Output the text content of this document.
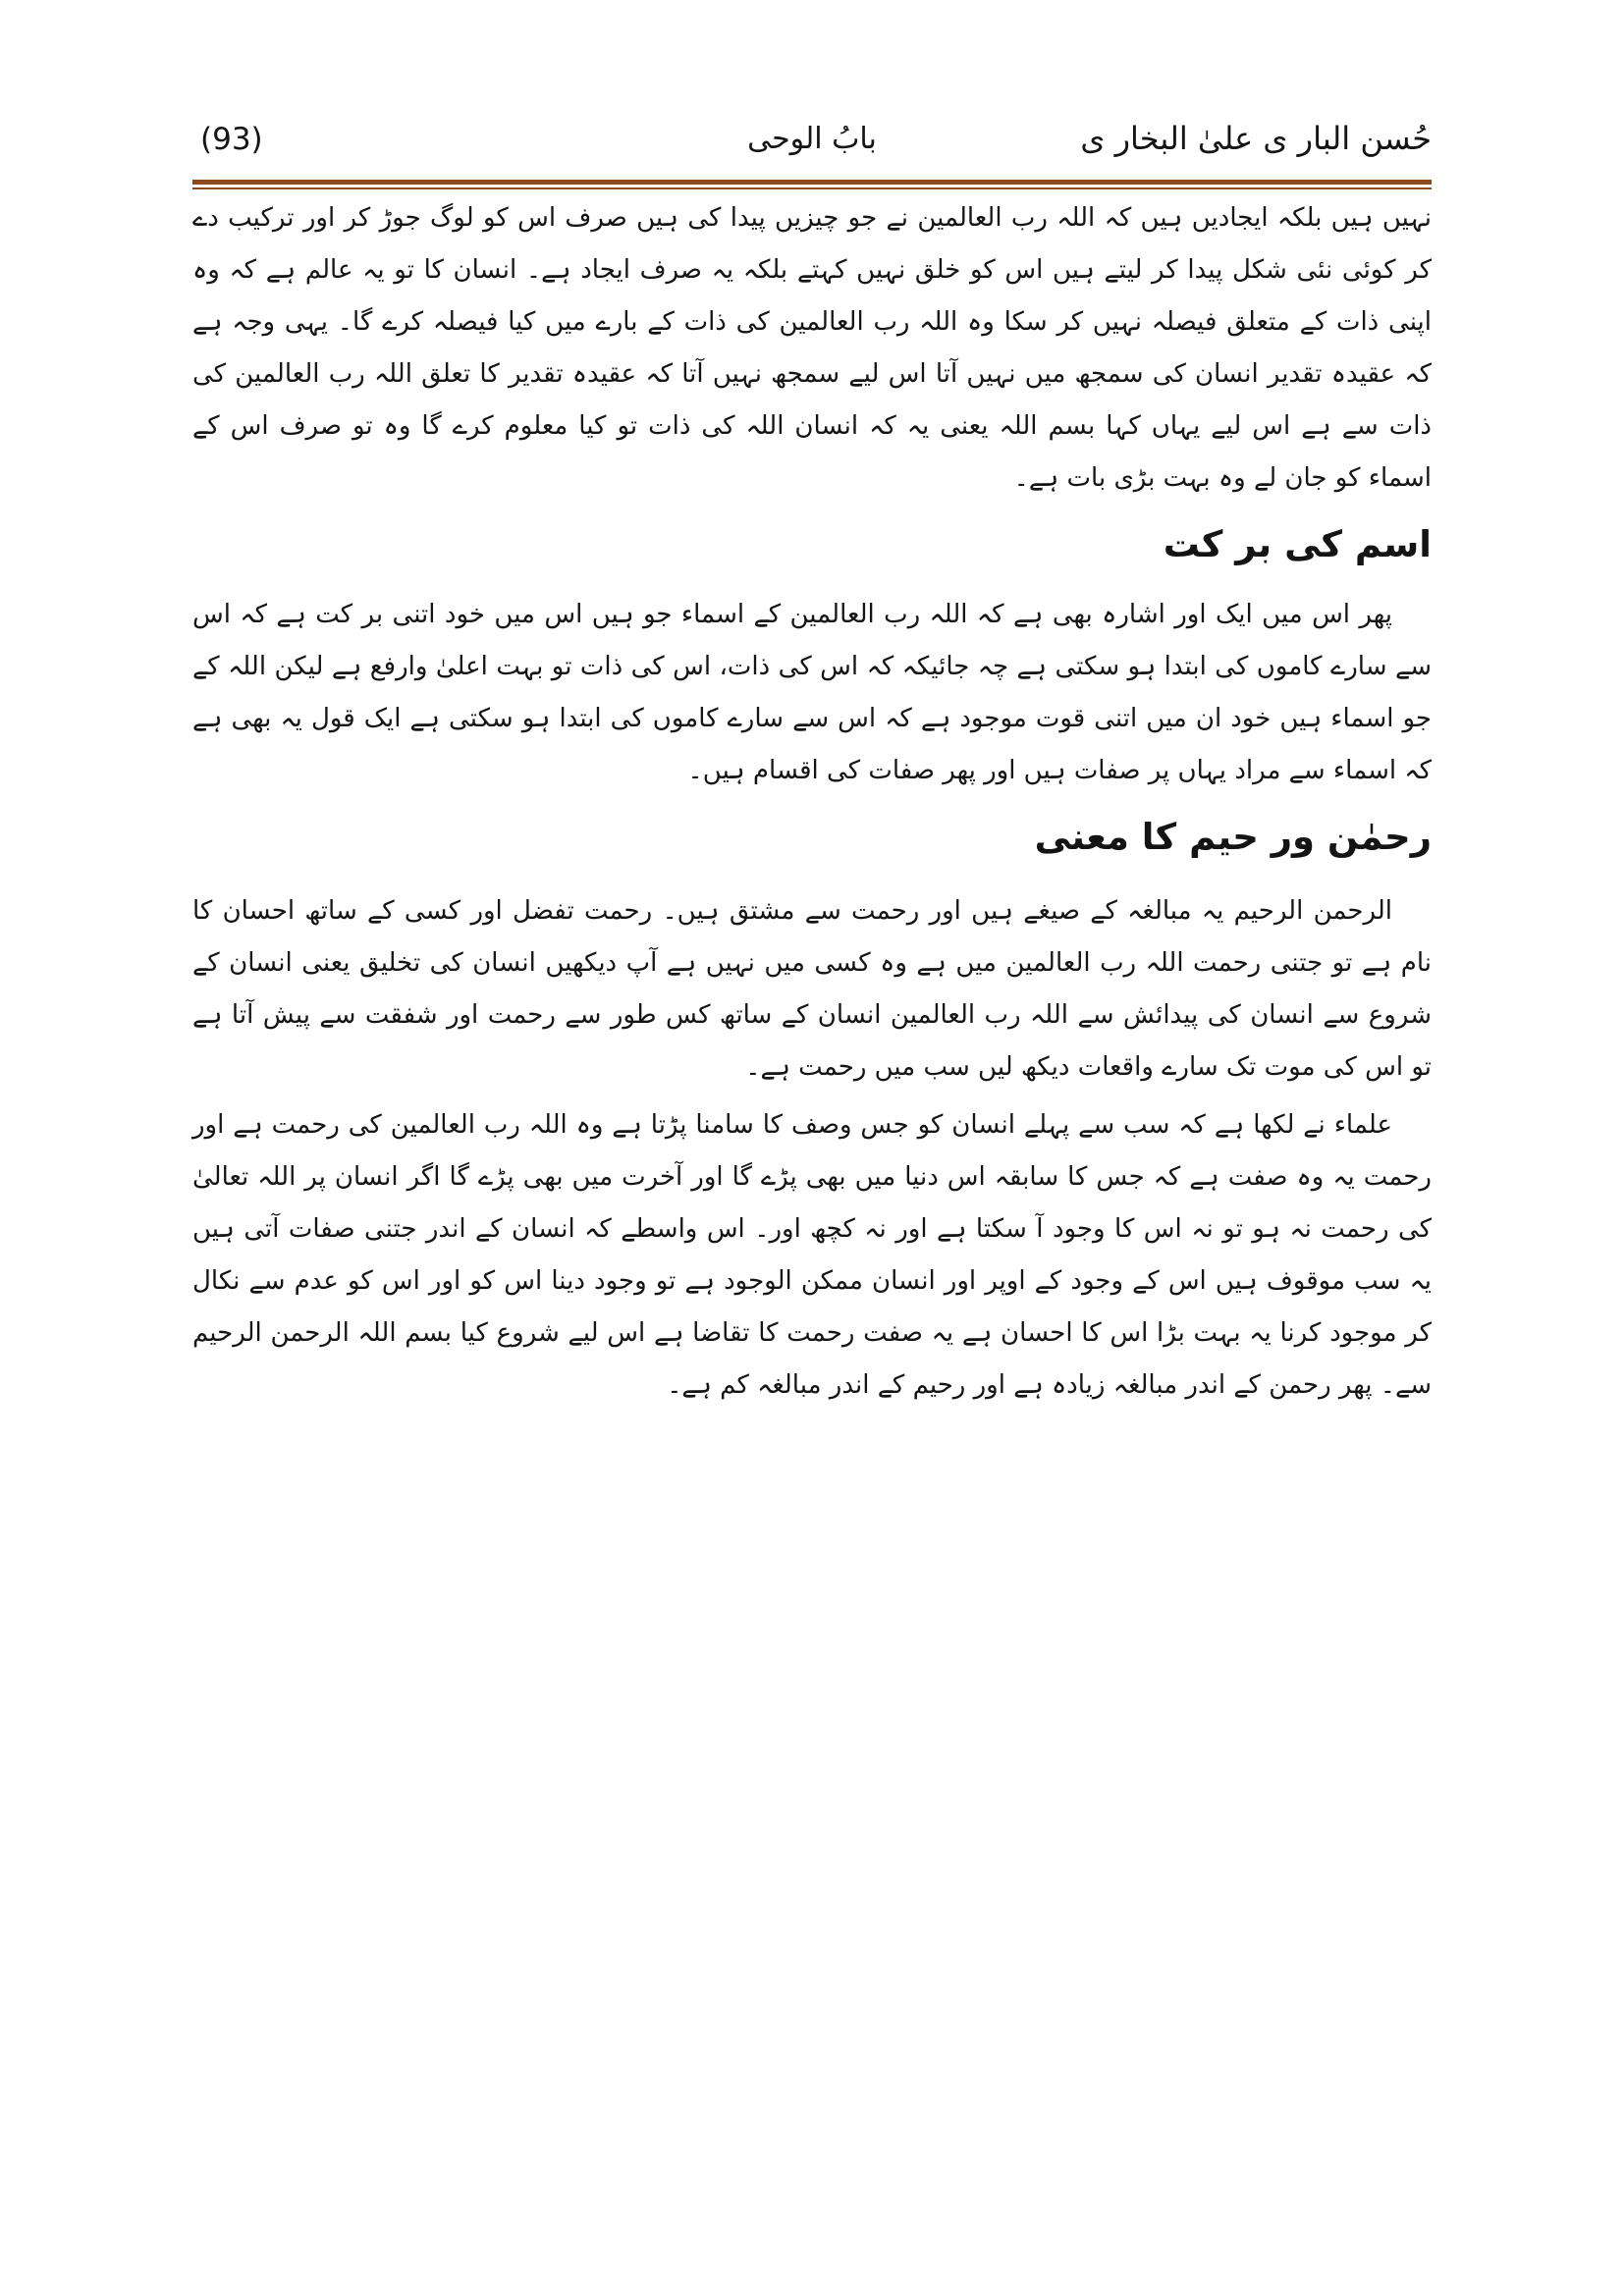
(93)	بابُ الوحی	حُسن البار ی علیٰ البخار ی

نہیں ہیں بلکہ ایجادیں ہیں کہ اللہ رب العالمین نے جو چیزیں پیدا کی ہیں صرف اس کو لوگ جوڑ کر اور ترکیب دے کر کوئی نئی شکل پیدا کر لیتے ہیں اس کو خلق نہیں کہتے بلکہ یہ صرف ایجاد ہے۔ انسان کا تو یہ عالم ہے کہ وہ اپنی ذات کے متعلق فیصلہ نہیں کر سکا وہ اللہ رب العالمین کی ذات کے بارے میں کیا فیصلہ کرے گا۔ یہی وجہ ہے کہ عقیدہ تقدیر انسان کی سمجھ میں نہیں آتا اس لیے سمجھ نہیں آتا کہ عقیدہ تقدیر کا تعلق اللہ رب العالمین کی ذات سے ہے اس لیے یہاں کہا بسم اللہ یعنی یہ کہ انسان اللہ کی ذات تو کیا معلوم کرے گا وہ تو صرف اس کے اسماء کو جان لے وہ بہت بڑی بات ہے۔

اسم کی بر کت

پھر اس میں ایک اور اشارہ بھی ہے کہ اللہ رب العالمین کے اسماء جو ہیں اس میں خود اتنی بر کت ہے کہ اس سے سارے کاموں کی ابتدا ہو سکتی ہے چہ جائیکہ کہ اس کی ذات، اس کی ذات تو بہت اعلیٰ وارفع ہے لیکن اللہ کے جو اسماء ہیں خود ان میں اتنی قوت موجود ہے کہ اس سے سارے کاموں کی ابتدا ہو سکتی ہے ایک قول یہ بھی ہے کہ اسماء سے مراد یہاں پر صفات ہیں اور پھر صفات کی اقسام ہیں۔

رحمٰن ور حیم کا معنی

الرحمن الرحیم یہ مبالغہ کے صیغے ہیں اور رحمت سے مشتق ہیں۔ رحمت تفضل اور کسی کے ساتھ احسان کا نام ہے تو جتنی رحمت اللہ رب العالمین میں ہے وہ کسی میں نہیں ہے آپ دیکھیں انسان کی تخلیق یعنی انسان کے شروع سے انسان کی پیدائش سے اللہ رب العالمین انسان کے ساتھ کس طور سے رحمت اور شفقت سے پیش آتا ہے تو اس کی موت تک سارے واقعات دیکھ لیں سب میں رحمت ہے۔

علماء نے لکھا ہے کہ سب سے پہلے انسان کو جس وصف کا سامنا پڑتا ہے وہ اللہ رب العالمین کی رحمت ہے اور رحمت یہ وہ صفت ہے کہ جس کا سابقہ اس دنیا میں بھی پڑے گا اور آخرت میں بھی پڑے گا اگر انسان پر اللہ تعالیٰ کی رحمت نہ ہو تو نہ اس کا وجود آ سکتا ہے اور نہ کچھ اور۔ اس واسطے کہ انسان کے اندر جتنی صفات آتی ہیں یہ سب موقوف ہیں اس کے وجود کے اوپر اور انسان ممکن الوجود ہے تو وجود دینا اس کو اور اس کو عدم سے نکال کر موجود کرنا یہ بہت بڑا اس کا احسان ہے یہ صفت رحمت کا تقاضا ہے اس لیے شروع کیا بسم اللہ الرحمن الرحیم سے۔ پھر رحمن کے اندر مبالغہ زیادہ ہے اور رحیم کے اندر مبالغہ کم ہے۔
